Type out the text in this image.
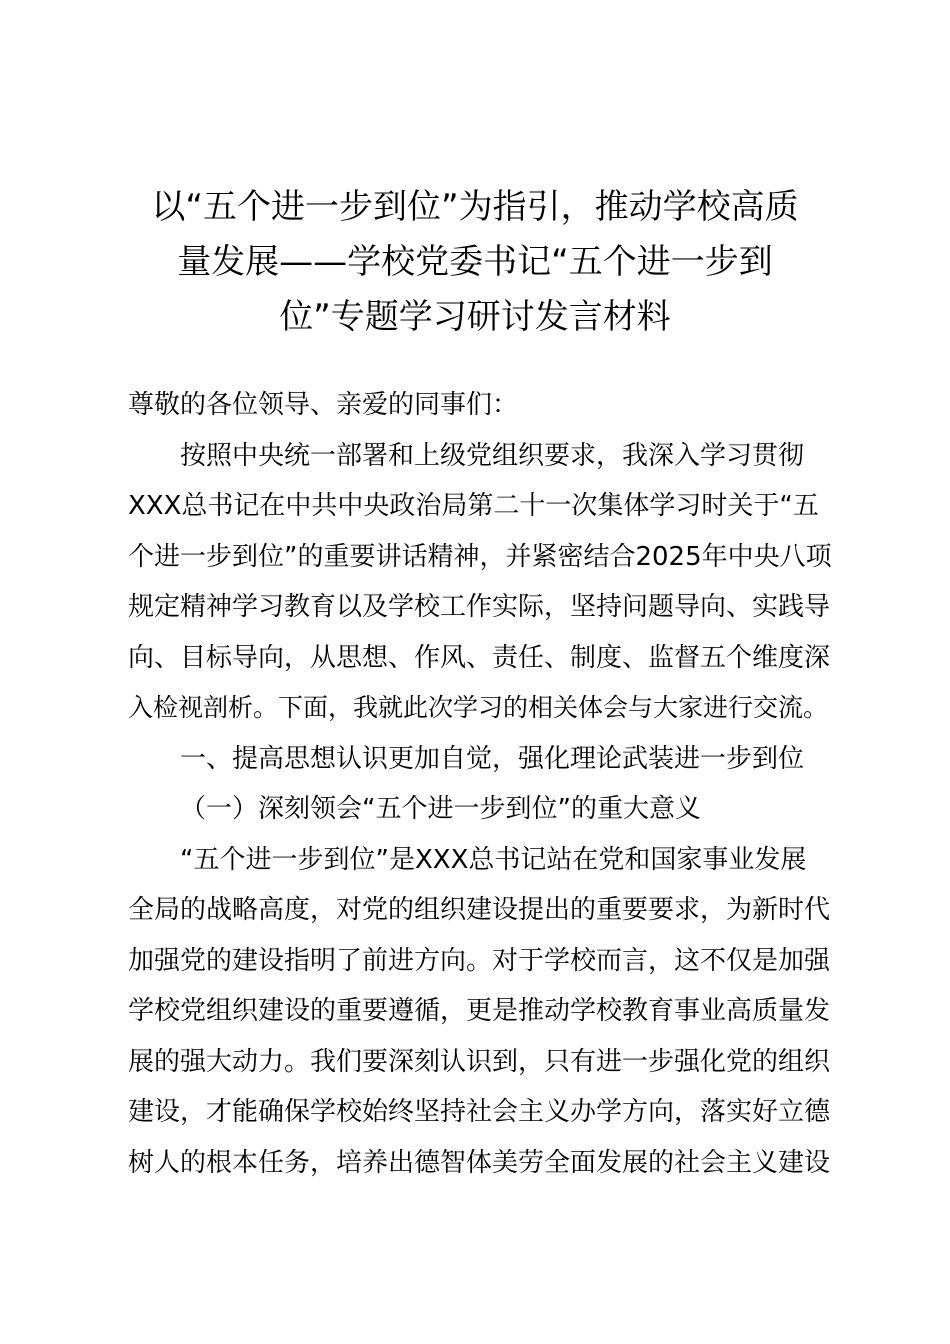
以“五个进一步到位”为指引，推动学校高质
量发展——学校党委书记“五个进一步到
位”专题学习研讨发言材料
尊敬的各位领导、亲爱的同事们：
按照中央统一部署和上级党组织要求，我深入学习贯彻
XXX总书记在中共中央政治局第二十一次集体学习时关于“五
个进一步到位”的重要讲话精神，并紧密结合2025年中央八项
规定精神学习教育以及学校工作实际，坚持问题导向、实践导
向、目标导向，从思想、作风、责任、制度、监督五个维度深
入检视剖析。下面，我就此次学习的相关体会与大家进行交流。
一、提高思想认识更加自觉，强化理论武装进一步到位
（一）深刻领会“五个进一步到位”的重大意义
“五个进一步到位”是XXX总书记站在党和国家事业发展
全局的战略高度，对党的组织建设提出的重要要求，为新时代
加强党的建设指明了前进方向。对于学校而言，这不仅是加强
学校党组织建设的重要遵循，更是推动学校教育事业高质量发
展的强大动力。我们要深刻认识到，只有进一步强化党的组织
建设，才能确保学校始终坚持社会主义办学方向，落实好立德
树人的根本任务，培养出德智体美劳全面发展的社会主义建设
